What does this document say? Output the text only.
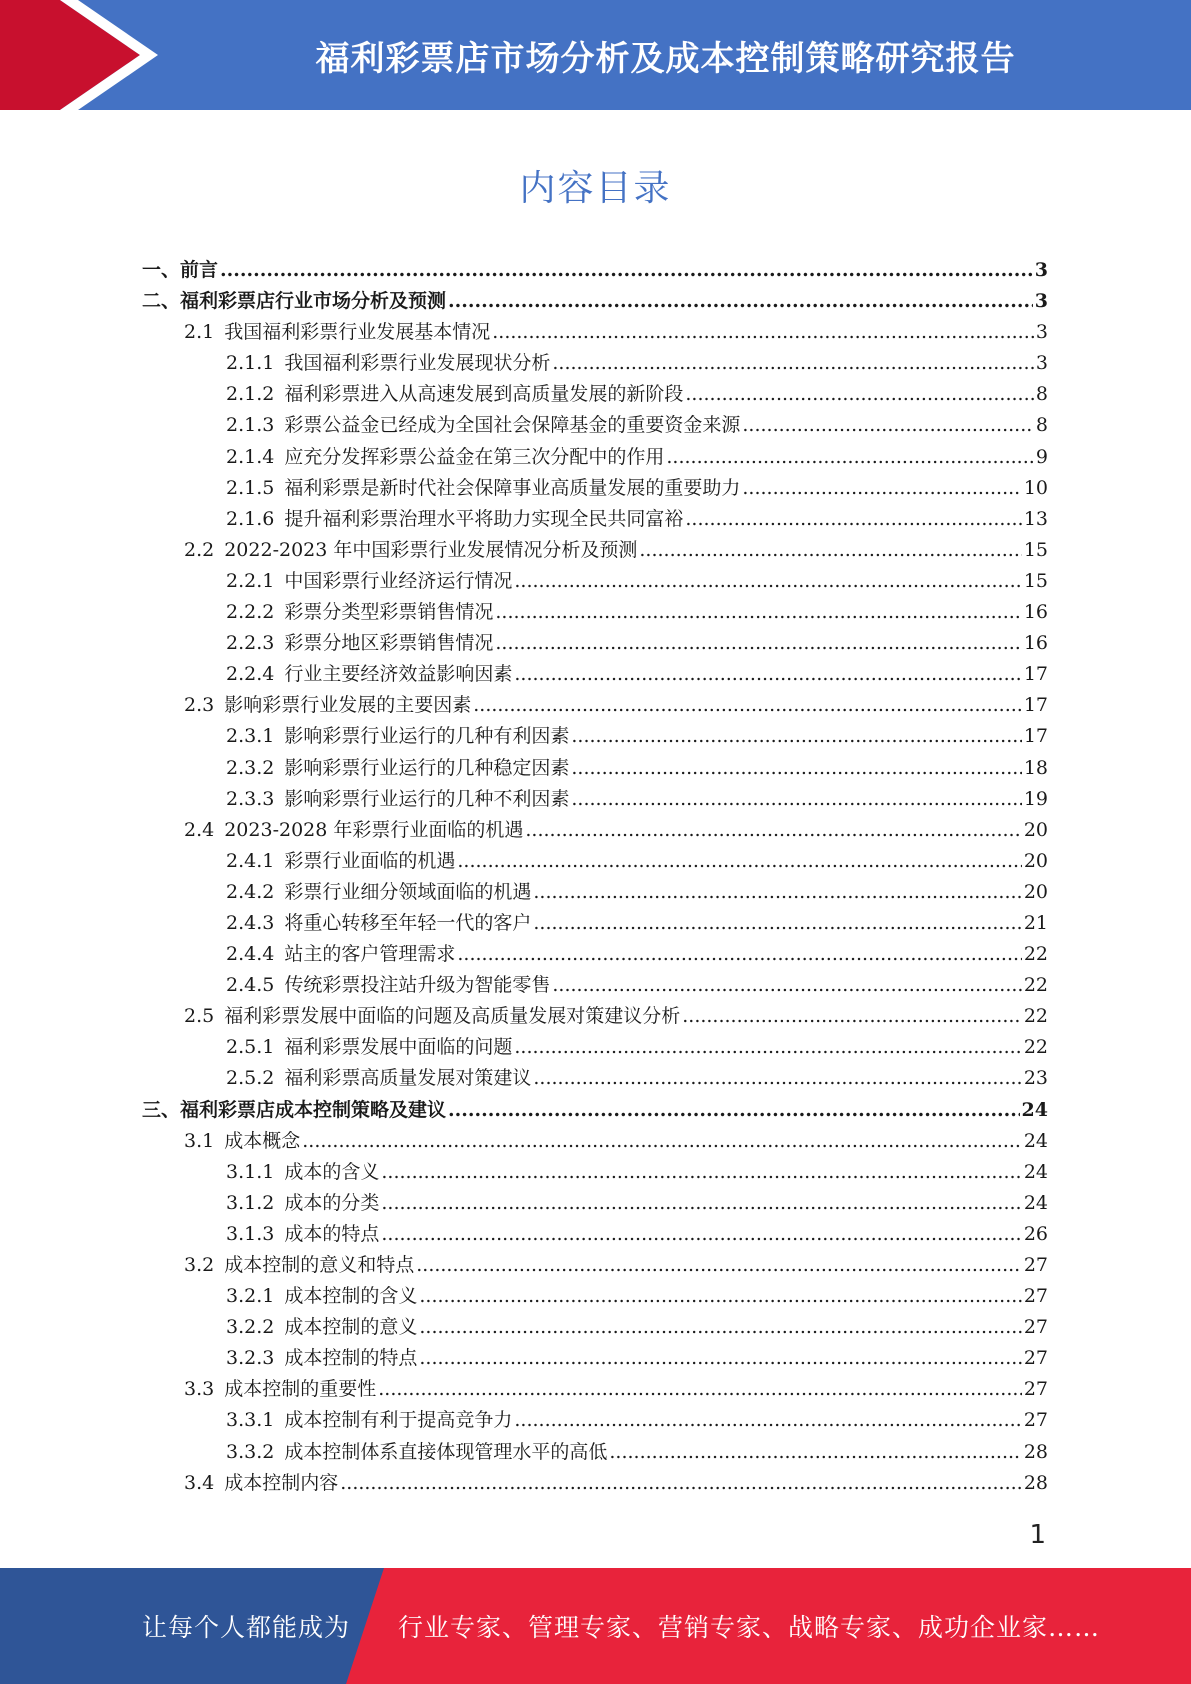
福利彩票店市场分析及成本控制策略研究报告
内容目录
一、 前言 .....	3
二、 福利彩票店行业市场分析及预测 .....	3
2.1 我国福利彩票行业发展基本情况 .....	3
2.1.1 我国福利彩票行业发展现状分析 .....	3
2.1.2 福利彩票进入从高速发展到高质量发展的新阶段 .....	8
2.1.3 彩票公益金已经成为全国社会保障基金的重要资金来源 .....	8
2.1.4 应充分发挥彩票公益金在第三次分配中的作用 .....	9
2.1.5 福利彩票是新时代社会保障事业高质量发展的重要助力 .....	10
2.1.6 提升福利彩票治理水平将助力实现全民共同富裕 .....	13
2.2 2022-2023 年中国彩票行业发展情况分析及预测 .....	15
2.2.1 中国彩票行业经济运行情况 .....	15
2.2.2 彩票分类型彩票销售情况 .....	16
2.2.3 彩票分地区彩票销售情况 .....	16
2.2.4 行业主要经济效益影响因素 .....	17
2.3 影响彩票行业发展的主要因素 .....	17
2.3.1 影响彩票行业运行的几种有利因素 .....	17
2.3.2 影响彩票行业运行的几种稳定因素 .....	18
2.3.3 影响彩票行业运行的几种不利因素 .....	19
2.4 2023-2028 年彩票行业面临的机遇 .....	20
2.4.1 彩票行业面临的机遇 .....	20
2.4.2 彩票行业细分领域面临的机遇 .....	20
2.4.3 将重心转移至年轻一代的客户 .....	21
2.4.4 站主的客户管理需求 .....	22
2.4.5 传统彩票投注站升级为智能零售 .....	22
2.5 福利彩票发展中面临的问题及高质量发展对策建议分析 .....	22
2.5.1 福利彩票发展中面临的问题 .....	22
2.5.2 福利彩票高质量发展对策建议 .....	23
三、 福利彩票店成本控制策略及建议 .....	24
3.1 成本概念 .....	24
3.1.1 成本的含义 .....	24
3.1.2 成本的分类 .....	24
3.1.3 成本的特点 .....	26
3.2 成本控制的意义和特点 .....	27
3.2.1 成本控制的含义 .....	27
3.2.2 成本控制的意义 .....	27
3.2.3 成本控制的特点 .....	27
3.3 成本控制的重要性 .....	27
3.3.1 成本控制有利于提高竞争力 .....	27
3.3.2 成本控制体系直接体现管理水平的高低 .....	28
3.4 成本控制内容 .....	28
1
让每个人都能成为 行业专家、管理专家、营销专家、战略专家、成功企业家……
